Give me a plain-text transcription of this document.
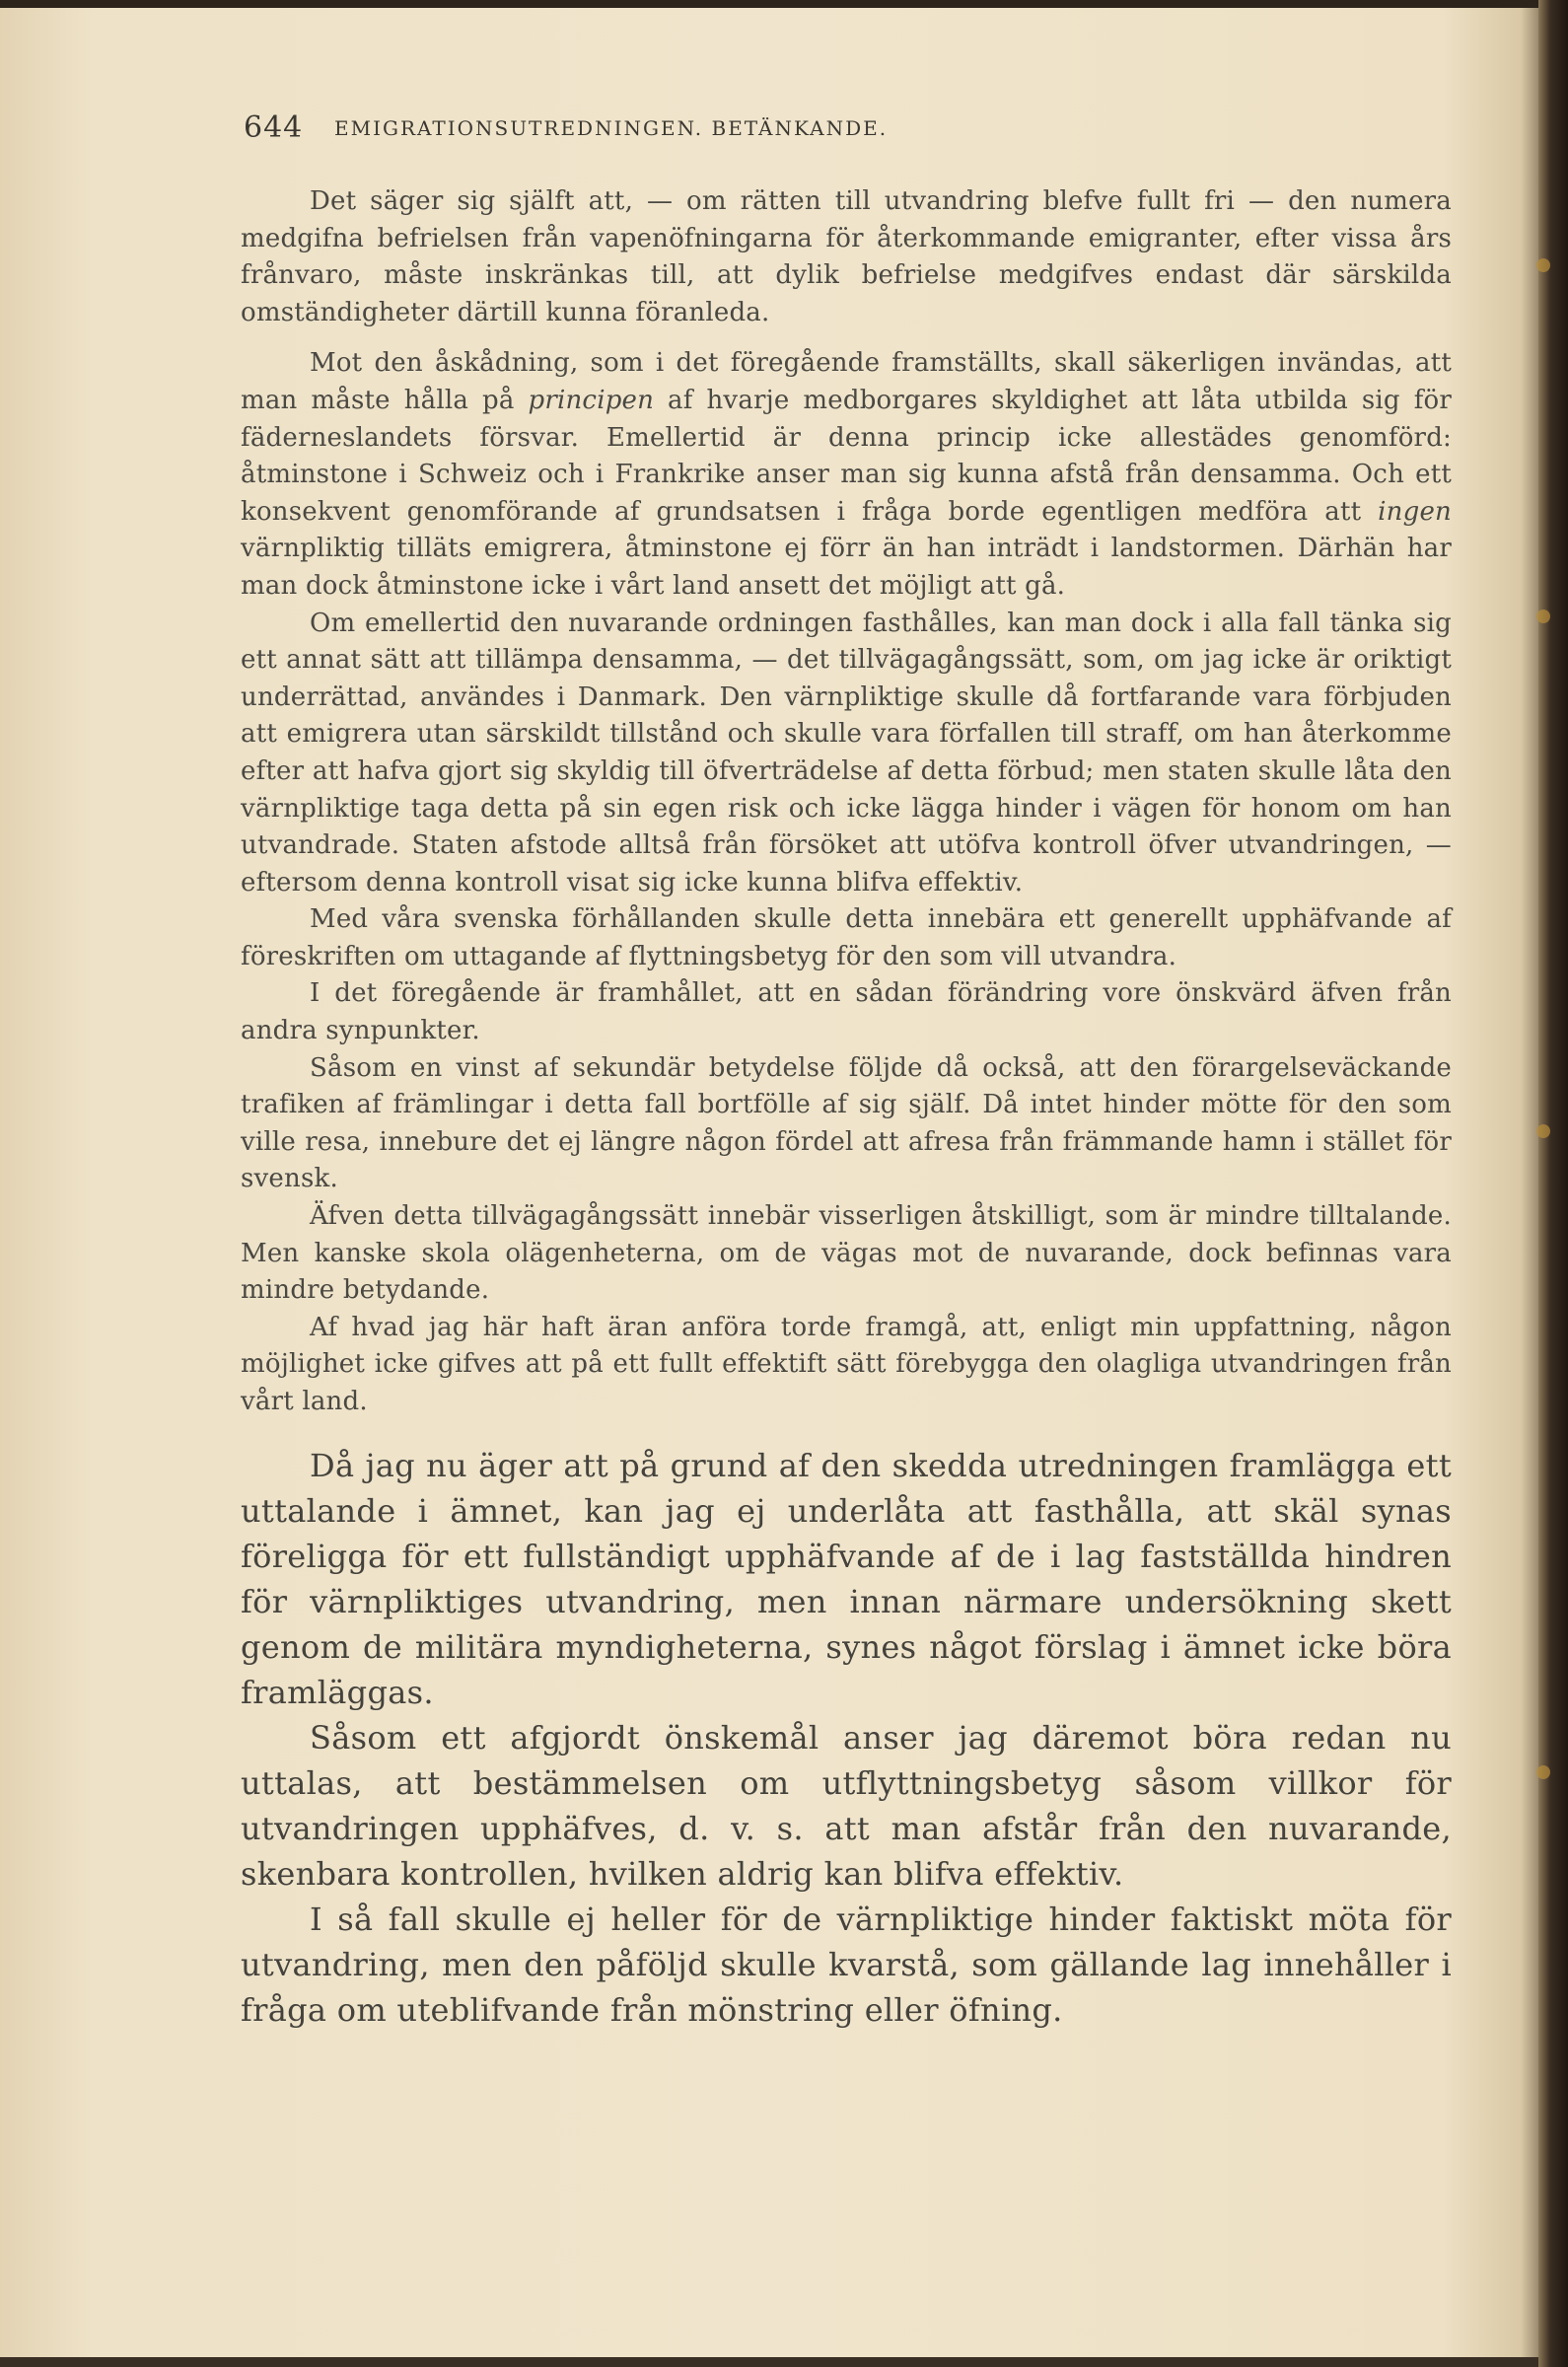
644 EMIGRATIONSUTREDNINGEN. BETÄNKANDE.

Det säger sig själft att, — om rätten till utvandring blefve fullt fri — den numera medgifna befrielsen från vapenöfningarna för återkommande emigranter, efter vissa års frånvaro, måste inskränkas till, att dylik befrielse medgifves endast där särskilda omständigheter därtill kunna föranleda.

Mot den åskådning, som i det föregående framställts, skall säkerligen invändas, att man måste hålla på principen af hvarje medborgares skyldighet att låta utbilda sig för fäderneslandets försvar. Emellertid är denna princip icke allestädes genomförd: åtminstone i Schweiz och i Frankrike anser man sig kunna afstå från densamma. Och ett konsekvent genomförande af grundsatsen i fråga borde egentligen medföra att ingen värnpliktig tilläts emigrera, åtminstone ej förr än han inträdt i landstormen. Därhän har man dock åtminstone icke i vårt land ansett det möjligt att gå.

Om emellertid den nuvarande ordningen fasthålles, kan man dock i alla fall tänka sig ett annat sätt att tillämpa densamma, — det tillvägagångssätt, som, om jag icke är oriktigt underrättad, användes i Danmark. Den värnpliktige skulle då fortfarande vara förbjuden att emigrera utan särskildt tillstånd och skulle vara förfallen till straff, om han återkomme efter att hafva gjort sig skyldig till öfverträdelse af detta förbud; men staten skulle låta den värnpliktige taga detta på sin egen risk och icke lägga hinder i vägen för honom om han utvandrade. Staten afstode alltså från försöket att utöfva kontroll öfver utvandringen, — eftersom denna kontroll visat sig icke kunna blifva effektiv.

Med våra svenska förhållanden skulle detta innebära ett generellt upphäfvande af föreskriften om uttagande af flyttningsbetyg för den som vill utvandra.

I det föregående är framhållet, att en sådan förändring vore önskvärd äfven från andra synpunkter.

Såsom en vinst af sekundär betydelse följde då också, att den förargelseväckande trafiken af främlingar i detta fall bortfölle af sig själf. Då intet hinder mötte för den som ville resa, innebure det ej längre någon fördel att afresa från främmande hamn i stället för svensk.

Äfven detta tillvägagångssätt innebär visserligen åtskilligt, som är mindre tilltalande. Men kanske skola olägenheterna, om de vägas mot de nuvarande, dock befinnas vara mindre betydande.

Af hvad jag här haft äran anföra torde framgå, att, enligt min uppfattning, någon möjlighet icke gifves att på ett fullt effektift sätt förebygga den olagliga utvandringen från vårt land.

Då jag nu äger att på grund af den skedda utredningen framlägga ett uttalande i ämnet, kan jag ej underlåta att fasthålla, att skäl synas föreligga för ett fullständigt upphäfvande af de i lag fastställda hindren för värnpliktiges utvandring, men innan närmare undersökning skett genom de militära myndigheterna, synes något förslag i ämnet icke böra framläggas.

Såsom ett afgjordt önskemål anser jag däremot böra redan nu uttalas, att bestämmelsen om utflyttningsbetyg såsom villkor för utvandringen upphäfves, d. v. s. att man afstår från den nuvarande, skenbara kontrollen, hvilken aldrig kan blifva effektiv.

I så fall skulle ej heller för de värnpliktige hinder faktiskt möta för utvandring, men den påföljd skulle kvarstå, som gällande lag innehåller i fråga om uteblifvande från mönstring eller öfning.
